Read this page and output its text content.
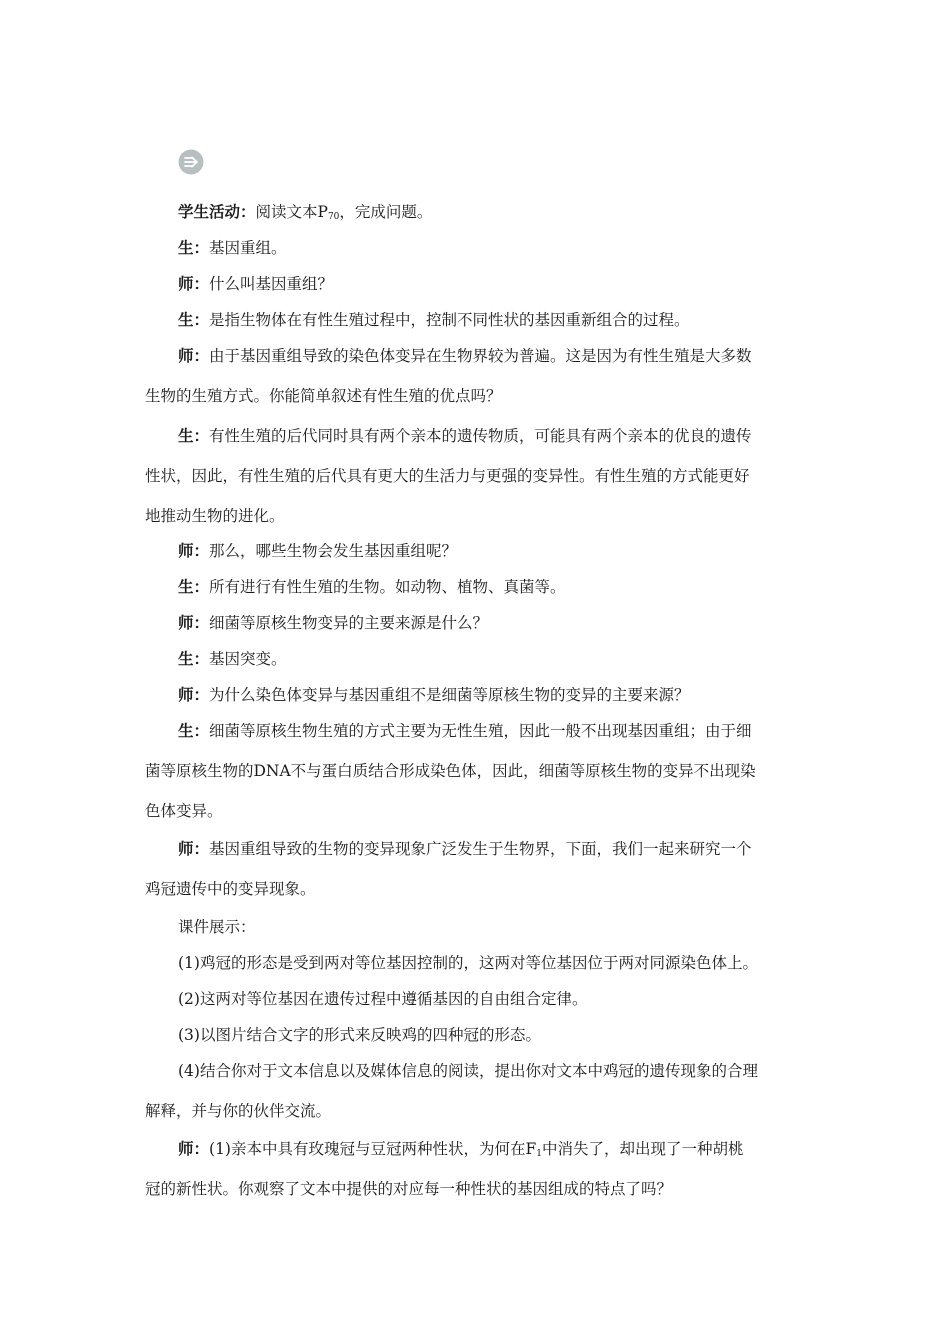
学生活动：阅读文本$P_{70}$，完成问题。

生：基因重组。

师：什么叫基因重组？

生：是指生物体在有性生殖过程中，控制不同性状的基因重新组合的过程。

师：由于基因重组导致的染色体变异在生物界较为普遍。这是因为有性生殖是大多数

生物的生殖方式。你能简单叙述有性生殖的优点吗？

生：有性生殖的后代同时具有两个亲本的遗传物质，可能具有两个亲本的优良的遗传

性状，因此，有性生殖的后代具有更大的生活力与更强的变异性。有性生殖的方式能更好

地推动生物的进化。

师：那么，哪些生物会发生基因重组呢？

生：所有进行有性生殖的生物。如动物、植物、真菌等。

师：细菌等原核生物变异的主要来源是什么？

生：基因突变。

师：为什么染色体变异与基因重组不是细菌等原核生物的变异的主要来源？

生：细菌等原核生物生殖的方式主要为无性生殖，因此一般不出现基因重组；由于细

菌等原核生物的DNA不与蛋白质结合形成染色体，因此，细菌等原核生物的变异不出现染

色体变异。

师：基因重组导致的生物的变异现象广泛发生于生物界，下面，我们一起来研究一个

鸡冠遗传中的变异现象。

课件展示：

(1)鸡冠的形态是受到两对等位基因控制的，这两对等位基因位于两对同源染色体上。

(2)这两对等位基因在遗传过程中遵循基因的自由组合定律。

(3)以图片结合文字的形式来反映鸡的四种冠的形态。

(4)结合你对于文本信息以及媒体信息的阅读，提出你对文本中鸡冠的遗传现象的合理

解释，并与你的伙伴交流。

师：(1)亲本中具有玫瑰冠与豆冠两种性状，为何在$F_1$中消失了，却出现了一种胡桃

冠的新性状。你观察了文本中提供的对应每一种性状的基因组成的特点了吗？
